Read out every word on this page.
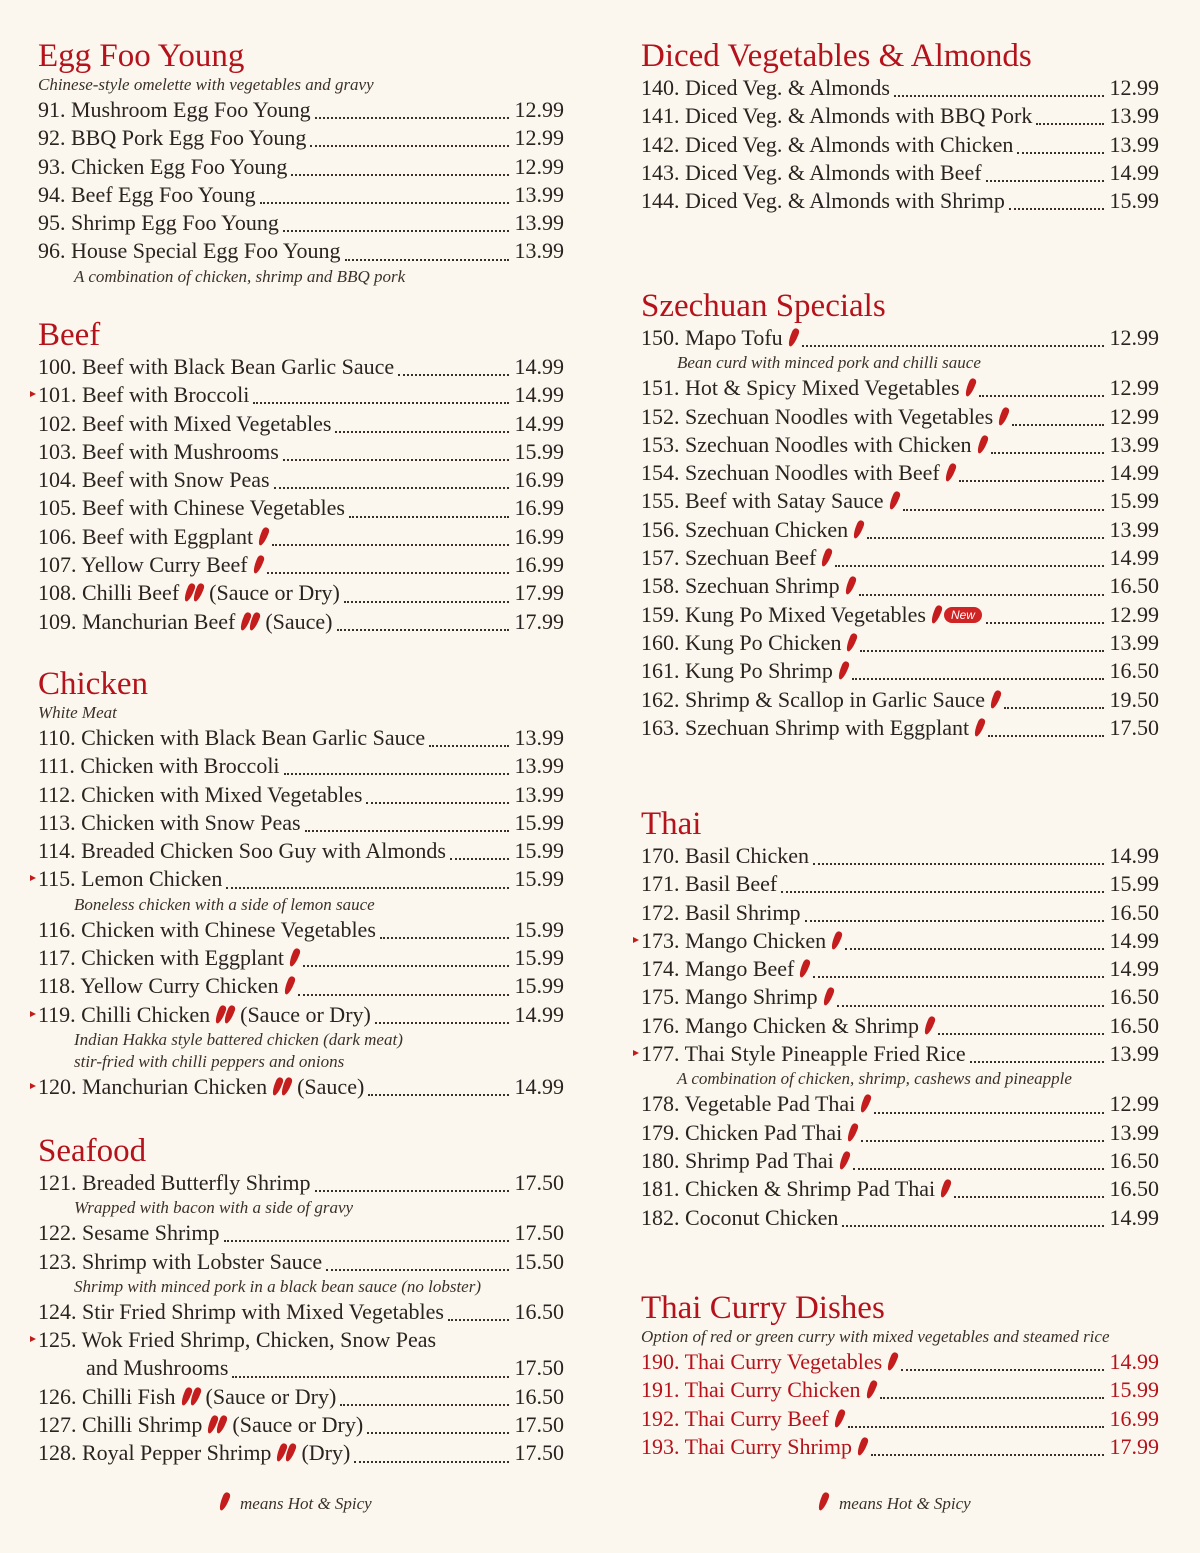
Egg Foo Young
Chinese-style omelette with vegetables and gravy
91. Mushroom Egg Foo Young	12.99
92. BBQ Pork Egg Foo Young	12.99
93. Chicken Egg Foo Young	12.99
94. Beef Egg Foo Young	13.99
95. Shrimp Egg Foo Young	13.99
96. House Special Egg Foo Young	13.99
A combination of chicken, shrimp and BBQ pork
Beef
100. Beef with Black Bean Garlic Sauce	14.99
101. Beef with Broccoli	14.99
102. Beef with Mixed Vegetables	14.99
103. Beef with Mushrooms	15.99
104. Beef with Snow Peas	16.99
105. Beef with Chinese Vegetables	16.99
106. Beef with Eggplant	16.99
107. Yellow Curry Beef	16.99
108. Chilli Beef (Sauce or Dry)	17.99
109. Manchurian Beef (Sauce)	17.99
Chicken
White Meat
110. Chicken with Black Bean Garlic Sauce	13.99
111. Chicken with Broccoli	13.99
112. Chicken with Mixed Vegetables	13.99
113. Chicken with Snow Peas	15.99
114. Breaded Chicken Soo Guy with Almonds	15.99
115. Lemon Chicken	15.99
Boneless chicken with a side of lemon sauce
116. Chicken with Chinese Vegetables	15.99
117. Chicken with Eggplant	15.99
118. Yellow Curry Chicken	15.99
119. Chilli Chicken (Sauce or Dry)	14.99
Indian Hakka style battered chicken (dark meat)
stir-fried with chilli peppers and onions
120. Manchurian Chicken (Sauce)	14.99
Seafood
121. Breaded Butterfly Shrimp	17.50
Wrapped with bacon with a side of gravy
122. Sesame Shrimp	17.50
123. Shrimp with Lobster Sauce	15.50
Shrimp with minced pork in a black bean sauce (no lobster)
124. Stir Fried Shrimp with Mixed Vegetables	16.50
125. Wok Fried Shrimp, Chicken, Snow Peas
and Mushrooms	17.50
126. Chilli Fish (Sauce or Dry)	16.50
127. Chilli Shrimp (Sauce or Dry)	17.50
128. Royal Pepper Shrimp (Dry)	17.50
means Hot & Spicy
Diced Vegetables & Almonds
140. Diced Veg. & Almonds	12.99
141. Diced Veg. & Almonds with BBQ Pork	13.99
142. Diced Veg. & Almonds with Chicken	13.99
143. Diced Veg. & Almonds with Beef	14.99
144. Diced Veg. & Almonds with Shrimp	15.99
Szechuan Specials
150. Mapo Tofu	12.99
Bean curd with minced pork and chilli sauce
151. Hot & Spicy Mixed Vegetables	12.99
152. Szechuan Noodles with Vegetables	12.99
153. Szechuan Noodles with Chicken	13.99
154. Szechuan Noodles with Beef	14.99
155. Beef with Satay Sauce	15.99
156. Szechuan Chicken	13.99
157. Szechuan Beef	14.99
158. Szechuan Shrimp	16.50
159. Kung Po Mixed Vegetables New	12.99
160. Kung Po Chicken	13.99
161. Kung Po Shrimp	16.50
162. Shrimp & Scallop in Garlic Sauce	19.50
163. Szechuan Shrimp with Eggplant	17.50
Thai
170. Basil Chicken	14.99
171. Basil Beef	15.99
172. Basil Shrimp	16.50
173. Mango Chicken	14.99
174. Mango Beef	14.99
175. Mango Shrimp	16.50
176. Mango Chicken & Shrimp	16.50
177. Thai Style Pineapple Fried Rice	13.99
A combination of chicken, shrimp, cashews and pineapple
178. Vegetable Pad Thai	12.99
179. Chicken Pad Thai	13.99
180. Shrimp Pad Thai	16.50
181. Chicken & Shrimp Pad Thai	16.50
182. Coconut Chicken	14.99
Thai Curry Dishes
Option of red or green curry with mixed vegetables and steamed rice
190. Thai Curry Vegetables	14.99
191. Thai Curry Chicken	15.99
192. Thai Curry Beef	16.99
193. Thai Curry Shrimp	17.99
means Hot & Spicy
